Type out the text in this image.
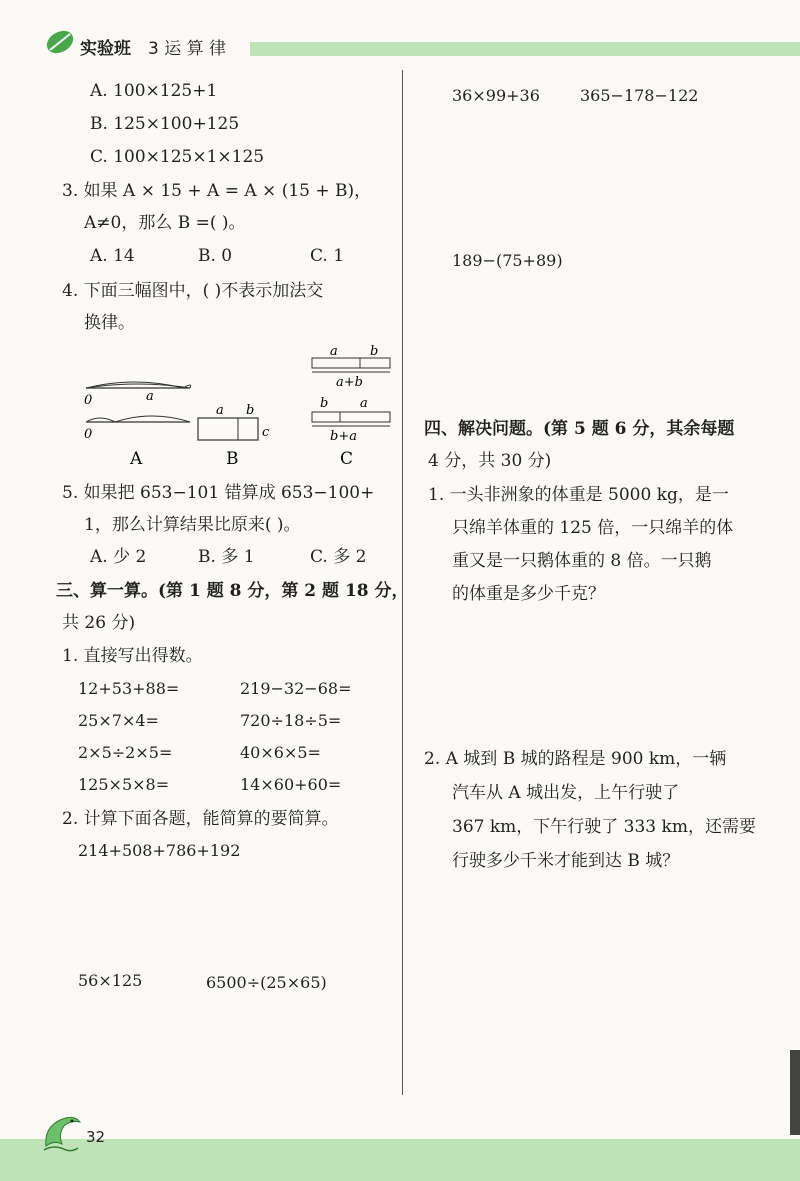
实验班 3 运 算 律
A. 100×125+1
B. 125×100+125
C. 100×125×1×125
3. 如果 A × 15 + A = A × (15 + B)，
A≠0，那么 B =( )。
A. 14	B. 0	C. 1
4. 下面三幅图中，( )不表示加法交
换律。
0	a
0
a b
c
a b
a+b
b a
b+a
A	B	C
5. 如果把 653−101 错算成 653−100+
1，那么计算结果比原来( )。
A. 少 2	B. 多 1	C. 多 2
三、算一算。(第 1 题 8 分，第 2 题 18 分，
共 26 分)
1. 直接写出得数。
12+53+88=	219−32−68=
25×7×4=	720÷18÷5=
2×5÷2×5=	40×6×5=
125×5×8=	14×60+60=
2. 计算下面各题，能简算的要简算。
214+508+786+192
56×125	6500÷(25×65)
36×99+36	365−178−122
189−(75+89)
四、解决问题。(第 5 题 6 分，其余每题
4 分，共 30 分)
1. 一头非洲象的体重是 5000 kg，是一
只绵羊体重的 125 倍，一只绵羊的体
重又是一只鹅体重的 8 倍。一只鹅
的体重是多少千克？
2. A 城到 B 城的路程是 900 km，一辆
汽车从 A 城出发，上午行驶了
367 km，下午行驶了 333 km，还需要
行驶多少千米才能到达 B 城？
32
